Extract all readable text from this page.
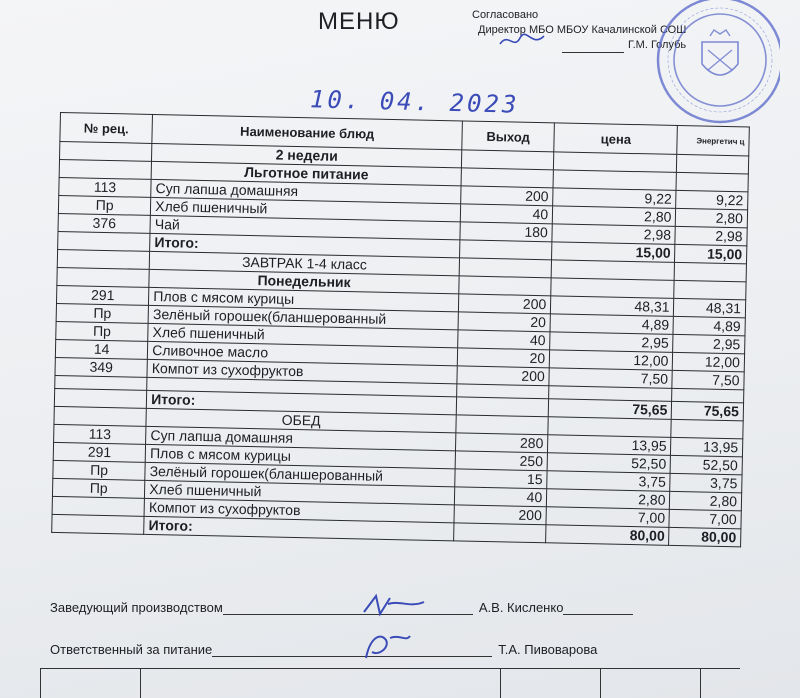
МЕНЮ	Согласовано
Директор МБО МБОУ Качалинской СОШ
Г.М. Голубь
10. 04. 2023
№ рец.	Наименование блюд	Выход	цена	Энергетич ц
	2 недели			
	Льготное питание			
113	Суп лапша домашняя	200	9,22	9,22
Пр	Хлеб пшеничный	40	2,80	2,80
376	Чай	180	2,98	2,98
	Итого:		15,00	15,00
	ЗАВТРАК 1-4 класс			
	Понедельник			
291	Плов с мясом курицы	200	48,31	48,31
Пр	Зелёный горошек(бланшерованный	20	4,89	4,89
Пр	Хлеб пшеничный	40	2,95	2,95
14	Сливочное масло	20	12,00	12,00
349	Компот из сухофруктов	200	7,50	7,50

	Итого:		75,65	75,65
	ОБЕД			
113	Суп лапша домашняя	280	13,95	13,95
291	Плов с мясом курицы	250	52,50	52,50
Пр	Зелёный горошек(бланшерованный	15	3,75	3,75
Пр	Хлеб пшеничный	40	2,80	2,80
	Компот из сухофруктов	200	7,00	7,00
	Итого:		80,00	80,00
Заведующий производством	А.В. Кисленко
Ответственный за питание	Т.А. Пивоварова
